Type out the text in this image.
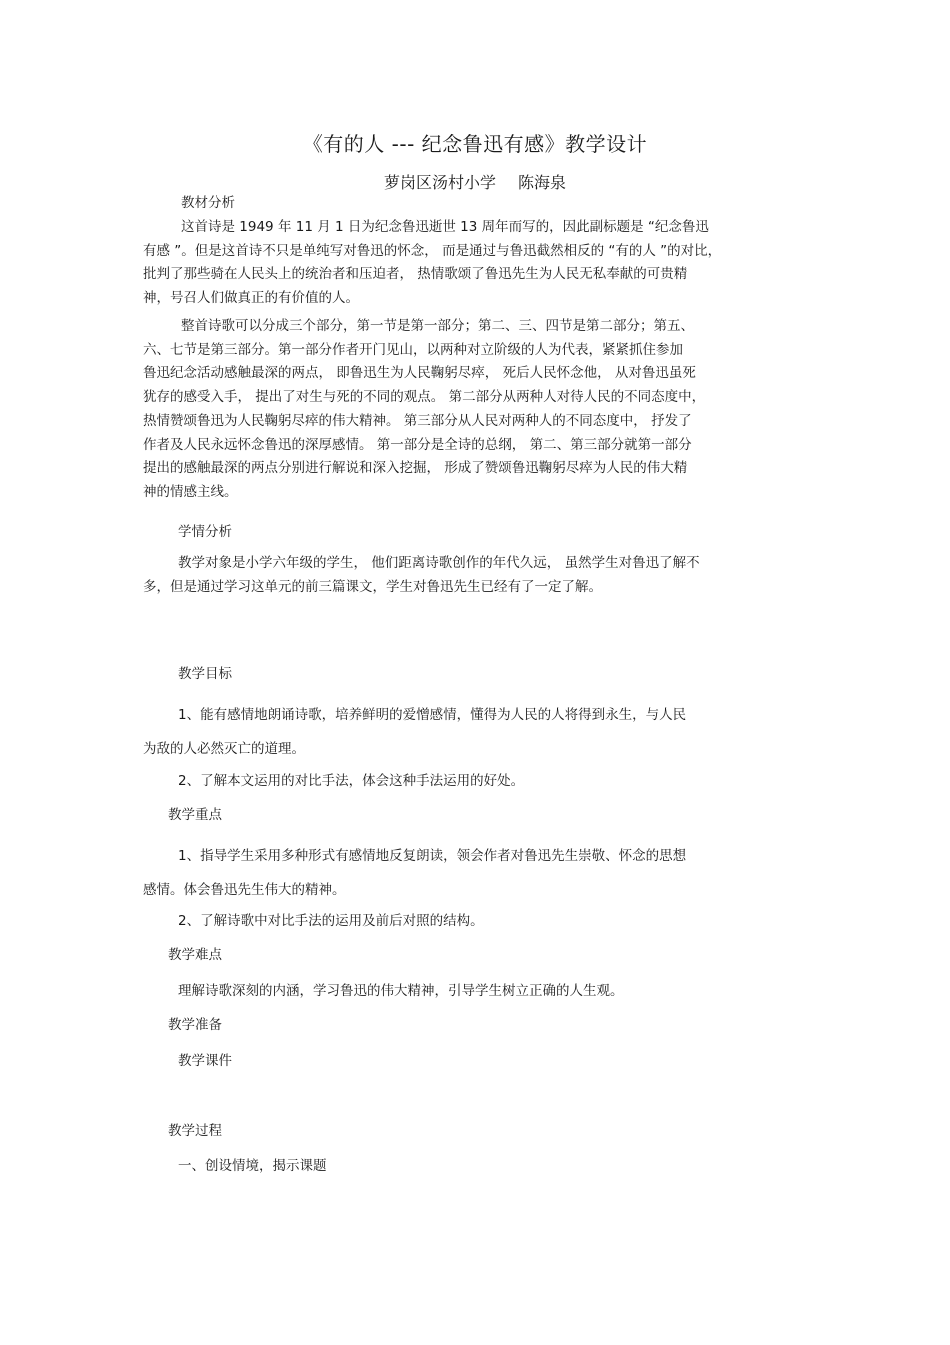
《有的人 --- 纪念鲁迅有感》教学设计

萝岗区汤村小学 陈海泉

教材分析
这首诗是 1949 年 11 月 1 日为纪念鲁迅逝世 13 周年而写的，因此副标题是 “纪念鲁迅
有感 ”。但是这首诗不只是单纯写对鲁迅的怀念， 而是通过与鲁迅截然相反的 “有的人 ”的对比，
批判了那些骑在人民头上的统治者和压迫者， 热情歌颂了鲁迅先生为人民无私奉献的可贵精
神，号召人们做真正的有价值的人。
整首诗歌可以分成三个部分，第一节是第一部分；第二、三、四节是第二部分；第五、
六、七节是第三部分。第一部分作者开门见山，以两种对立阶级的人为代表，紧紧抓住参加
鲁迅纪念活动感触最深的两点， 即鲁迅生为人民鞠躬尽瘁， 死后人民怀念他， 从对鲁迅虽死
犹存的感受入手， 提出了对生与死的不同的观点。 第二部分从两种人对待人民的不同态度中，
热情赞颂鲁迅为人民鞠躬尽瘁的伟大精神。 第三部分从人民对两种人的不同态度中， 抒发了
作者及人民永远怀念鲁迅的深厚感情。 第一部分是全诗的总纲， 第二、第三部分就第一部分
提出的感触最深的两点分别进行解说和深入挖掘， 形成了赞颂鲁迅鞠躬尽瘁为人民的伟大精
神的情感主线。
学情分析
教学对象是小学六年级的学生， 他们距离诗歌创作的年代久远， 虽然学生对鲁迅了解不
多，但是通过学习这单元的前三篇课文，学生对鲁迅先生已经有了一定了解。
教学目标
1、能有感情地朗诵诗歌，培养鲜明的爱憎感情，懂得为人民的人将得到永生，与人民
为敌的人必然灭亡的道理。
2、了解本文运用的对比手法，体会这种手法运用的好处。
教学重点
1、指导学生采用多种形式有感情地反复朗读，领会作者对鲁迅先生崇敬、怀念的思想
感情。体会鲁迅先生伟大的精神。
2、了解诗歌中对比手法的运用及前后对照的结构。
教学难点
理解诗歌深刻的内涵，学习鲁迅的伟大精神，引导学生树立正确的人生观。
教学准备
教学课件
教学过程
一、创设情境，揭示课题
